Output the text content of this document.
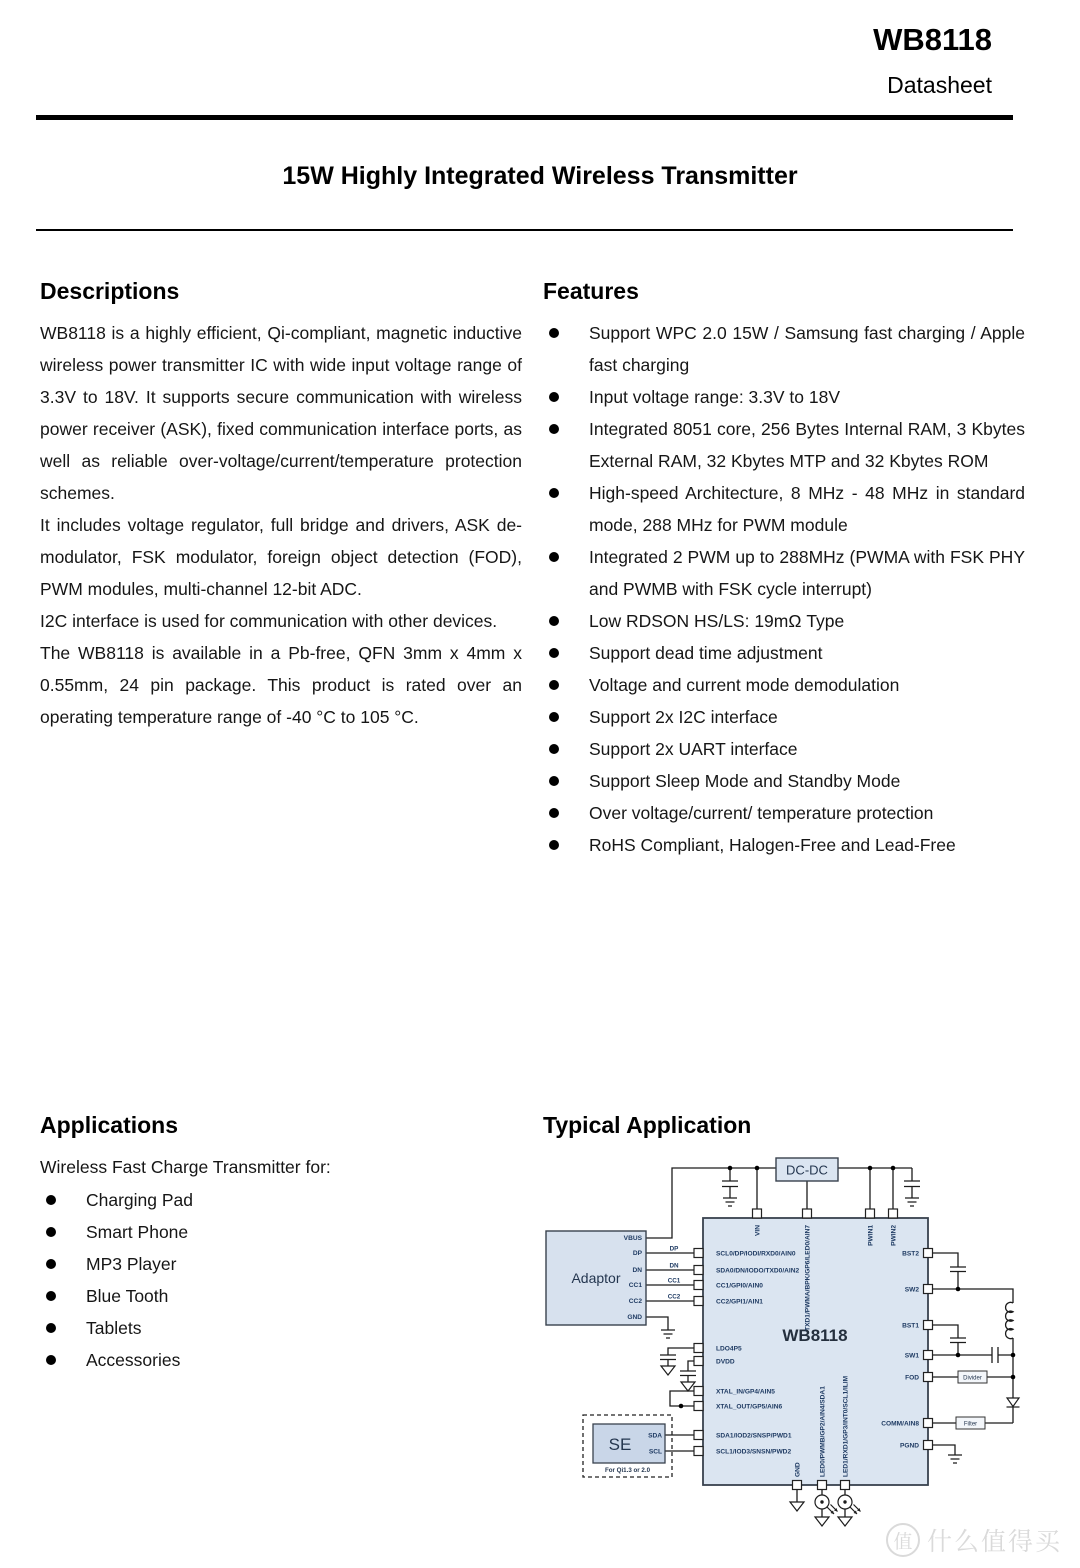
WB8118
Datasheet
15W Highly Integrated Wireless Transmitter
Descriptions

WB8118 is a highly efficient, Qi-compliant, magnetic inductive wireless power transmitter IC with wide input voltage range of 3.3V to 18V. It supports secure communication with wireless power receiver (ASK), fixed communication interface ports, as well as reliable over-voltage/current/temperature protection schemes.

It includes voltage regulator, full bridge and drivers, ASK de-modulator, FSK modulator, foreign object detection (FOD), PWM modules, multi-channel 12-bit ADC.

I2C interface is used for communication with other devices.

The WB8118 is available in a Pb-free, QFN 3mm x 4mm x 0.55mm, 24 pin package. This product is rated over an operating temperature range of -40 °C to 105 °C.

Features
Support WPC 2.0 15W / Samsung fast charging / Apple fast charging
Input voltage range: 3.3V to 18V
Integrated 8051 core, 256 Bytes Internal RAM, 3 Kbytes External RAM, 32 Kbytes MTP and 32 Kbytes ROM
High-speed Architecture, 8 MHz - 48 MHz in standard mode, 288 MHz for PWM module
Integrated 2 PWM up to 288MHz (PWMA with FSK PHY and PWMB with FSK cycle interrupt)
Low RDSON HS/LS: 19mΩ Type
Support dead time adjustment
Voltage and current mode demodulation
Support 2x I2C interface
Support 2x UART interface
Support Sleep Mode and Standby Mode
Over voltage/current/ temperature protection
RoHS Compliant, Halogen-Free and Lead-Free
Applications

Wireless Fast Charge Transmitter for:

Charging Pad
Smart Phone
MP3 Player
Blue Tooth
Tablets
Accessories
Typical Application
DC-DC
WB8118
Adaptor
SE
For Qi1.3 or 2.0
Divider
Filter
VBUS
DP
DN
CC1
CC2
GND
DP
DN
CC1
CC2
SCL0/DP/IODI/RXD0/AIN0
SDA0/DN/IODO/TXD0/AIN2
CC1/GPI0/AIN0
CC2/GPI1/AIN1
LDO4P5
DVDD
XTAL_IN/GP4/AIN5
XTAL_OUT/GP5/AIN6
SDA1/IOD2/SNSP/PWD1
SCL1/IOD3/SNSN/PWD2
BST2
SW2
BST1
SW1
FOD
COMM/AIN8
PGND
VIN	TXD1/PWMA/BPK/GP6/LED0/AIN7	PWIN1 PWIN2
GND	LED0/PWMB/GP2/AIN4/SDA1 LED1/RXD1/GP3/INT0/SCL1/ILIM
SDA
SCL
值 什么值得买
